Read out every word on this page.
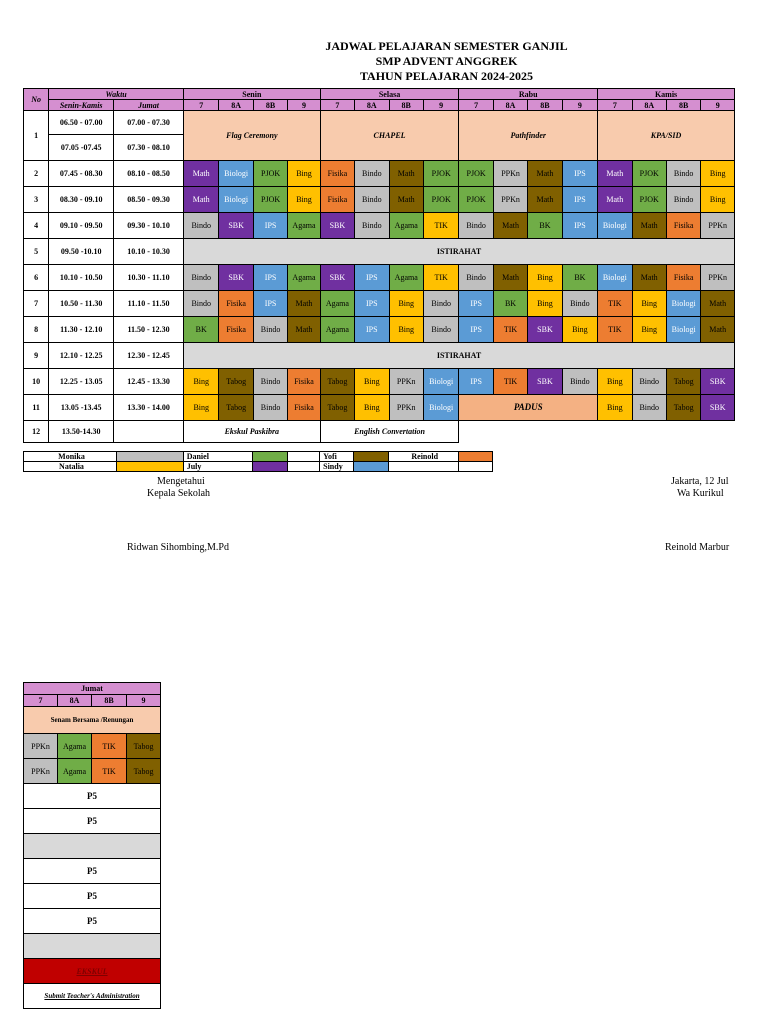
JADWAL PELAJARAN SEMESTER GANJIL
SMP ADVENT ANGGREK
TAHUN PELAJARAN 2024-2025
No	Waktu		Senin				Selasa				Rabu				Kamis			
	Senin-Kamis	Jumat	7	8A	8B	9	7	8A	8B	9	7	8A	8B	9	7	8A	8B	9
1	06.50 - 07.00	07.00 - 07.30	Flag Ceremony				CHAPEL				Pathfinder				KPA/SID			
	07.05 -07.45	07.30 - 08.10																
2	07.45 - 08.30	08.10 - 08.50	Math	Biologi	PJOK	Bing	Fisika	Bindo	Math	PJOK	PJOK	PPKn	Math	IPS	Math	PJOK	Bindo	Bing
3	08.30 - 09.10	08.50 - 09.30	Math	Biologi	PJOK	Bing	Fisika	Bindo	Math	PJOK	PJOK	PPKn	Math	IPS	Math	PJOK	Bindo	Bing
4	09.10 - 09.50	09.30 - 10.10	Bindo	SBK	IPS	Agama	SBK	Bindo	Agama	TIK	Bindo	Math	BK	IPS	Biologi	Math	Fisika	PPKn
5	09.50 -10.10	10.10 - 10.30	ISTIRAHAT															
6	10.10 - 10.50	10.30 - 11.10	Bindo	SBK	IPS	Agama	SBK	IPS	Agama	TIK	Bindo	Math	Bing	BK	Biologi	Math	Fisika	PPKn
7	10.50 - 11.30	11.10 - 11.50	Bindo	Fisika	IPS	Math	Agama	IPS	Bing	Bindo	IPS	BK	Bing	Bindo	TIK	Bing	Biologi	Math
8	11.30 - 12.10	11.50 - 12.30	BK	Fisika	Bindo	Math	Agama	IPS	Bing	Bindo	IPS	TIK	SBK	Bing	TIK	Bing	Biologi	Math
9	12.10 - 12.25	12.30 - 12.45	ISTIRAHAT															
10	12.25 - 13.05	12.45 - 13.30	Bing	Tabog	Bindo	Fisika	Tabog	Bing	PPKn	Biologi	IPS	TIK	SBK	Bindo	Bing	Bindo	Tabog	SBK
11	13.05 -13.45	13.30 - 14.00	Bing	Tabog	Bindo	Fisika	Tabog	Bing	PPKn	Biologi	PADUS				Bing	Bindo	Tabog	SBK
12	13.50-14.30		Ekskul Paskibra				English Convertation											
Monika		Daniel			Yofi		Reinold	
Natalia		July			Sindy			
Mengetahui
Kepala Sekolah
Ridwan Sihombing,M.Pd
Jakarta, 12 Jul
Wa Kurikul
Reinold Marbur
Jumat			
7	8A	8B	9
Senam Bersama /Renungan			
PPKn	Agama	TIK	Tabog
PPKn	Agama	TIK	Tabog
P5			
P5			

P5			
P5			
P5			

EKSKUL			
Submit Teacher's Administration			
